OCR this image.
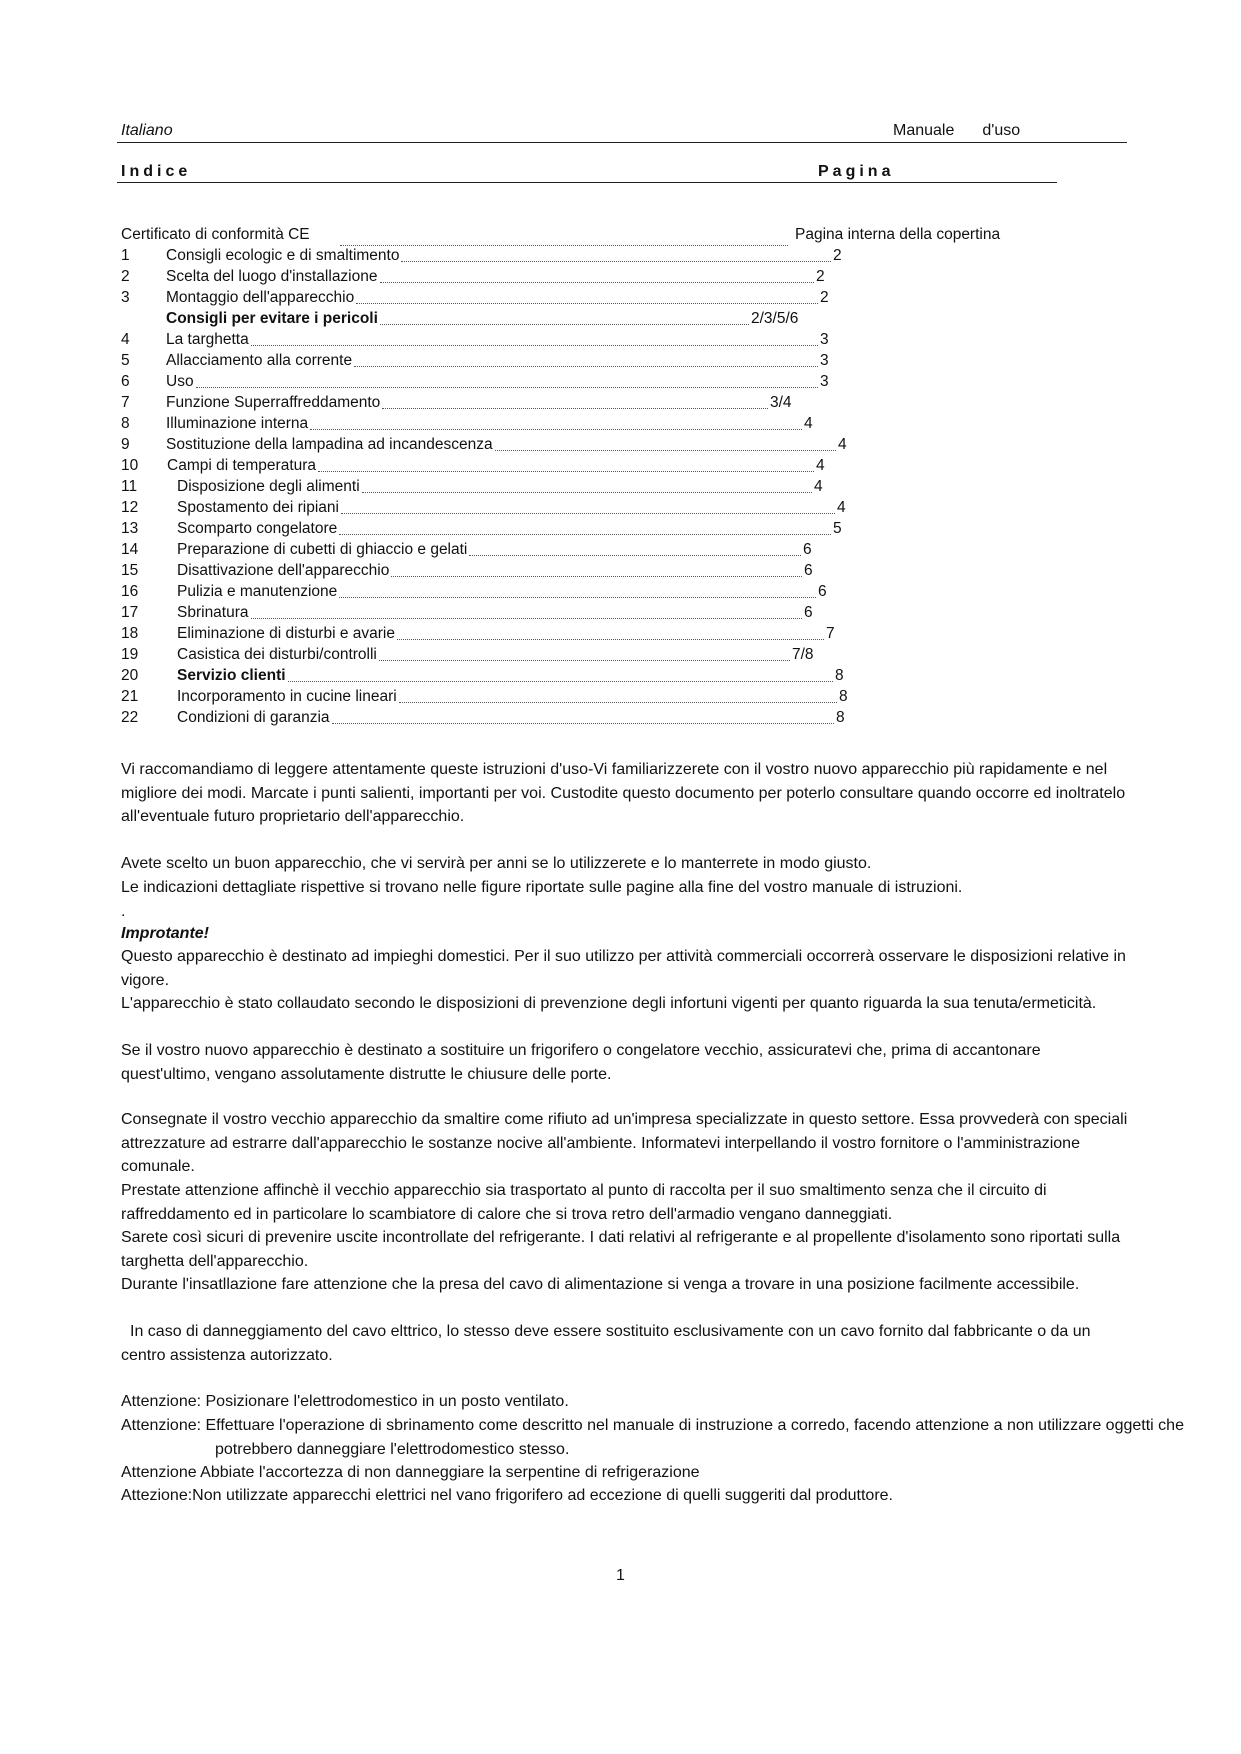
Italiano	Manuale d'uso
Indice	Pagina
Certificato di conformità CE	Pagina interna della copertina
1 Consigli ecologic e di smaltimento	2
2 Scelta del luogo d'installazione	2
3 Montaggio dell'apparecchio	2
Consigli per evitare i pericoli	2/3/5/6
4 La targhetta	3
5 Allacciamento alla corrente	3
6 Uso	3
7 Funzione Superraffreddamento	3/4
8 Illuminazione interna	4
9 Sostituzione della lampadina ad incandescenza	4
10 Campi di temperatura	4
11	Disposizione degli alimenti	4
12	Spostamento dei ripiani	4
13	Scomparto congelatore	5
14	Preparazione di cubetti di ghiaccio e gelati	6
15	Disattivazione dell'apparecchio	6
16	Pulizia e manutenzione	6
17	Sbrinatura	6
18	Eliminazione di disturbi e avarie	7
19	Casistica dei disturbi/controlli	7/8
20	Servizio clienti	8
21	Incorporamento in cucine lineari	8
22	Condizioni di garanzia	8

Vi raccomandiamo di leggere attentamente queste istruzioni d'uso-Vi familiarizzerete con il vostro nuovo apparecchio più rapidamente e nel migliore dei modi. Marcate i punti salienti, importanti per voi. Custodite questo documento per poterlo consultare quando occorre ed inoltratelo all'eventuale futuro proprietario dell'apparecchio.

Avete scelto un buon apparecchio, che vi servirà per anni se lo utilizzerete e lo manterrete in modo giusto.

Le indicazioni dettagliate rispettive si trovano nelle figure riportate sulle pagine alla fine del vostro manuale di istruzioni.

.

Improtante!

Questo apparecchio è destinato ad impieghi domestici. Per il suo utilizzo per attività commerciali occorrerà osservare le disposizioni relative in vigore.

L'apparecchio è stato collaudato secondo le disposizioni di prevenzione degli infortuni vigenti per quanto riguarda la sua tenuta/ermeticità.

Se il vostro nuovo apparecchio è destinato a sostituire un frigorifero o congelatore vecchio, assicuratevi che, prima di accantonare quest'ultimo, vengano assolutamente distrutte le chiusure delle porte.

Consegnate il vostro vecchio apparecchio da smaltire come rifiuto ad un'impresa specializzate in questo settore. Essa provvederà con speciali attrezzature ad estrarre dall'apparecchio le sostanze nocive all'ambiente. Informatevi interpellando il vostro fornitore o l'amministrazione comunale.

Prestate attenzione affinchè il vecchio apparecchio sia trasportato al punto di raccolta per il suo smaltimento senza che il circuito di raffreddamento ed in particolare lo scambiatore di calore che si trova retro dell'armadio vengano danneggiati.

Sarete così sicuri di prevenire uscite incontrollate del refrigerante. I dati relativi al refrigerante e al propellente d'isolamento sono riportati sulla targhetta dell'apparecchio.

Durante l'insatllazione fare attenzione che la presa del cavo di alimentazione si venga a trovare in una posizione facilmente accessibile.

In caso di danneggiamento del cavo elttrico, lo stesso deve essere sostituito esclusivamente con un cavo fornito dal fabbricante o da un centro assistenza autorizzato.

Attenzione: Posizionare l'elettrodomestico in un posto ventilato.
Attenzione: Effettuare l'operazione di sbrinamento come descritto nel manuale di instruzione a corredo, facendo attenzione a non utilizzare oggetti che potrebbero danneggiare l'elettrodomestico stesso.
Attenzione Abbiate l'accortezza di non danneggiare la serpentine di refrigerazione
Attezione:Non utilizzate apparecchi elettrici nel vano frigorifero ad eccezione di quelli suggeriti dal produttore.
1
